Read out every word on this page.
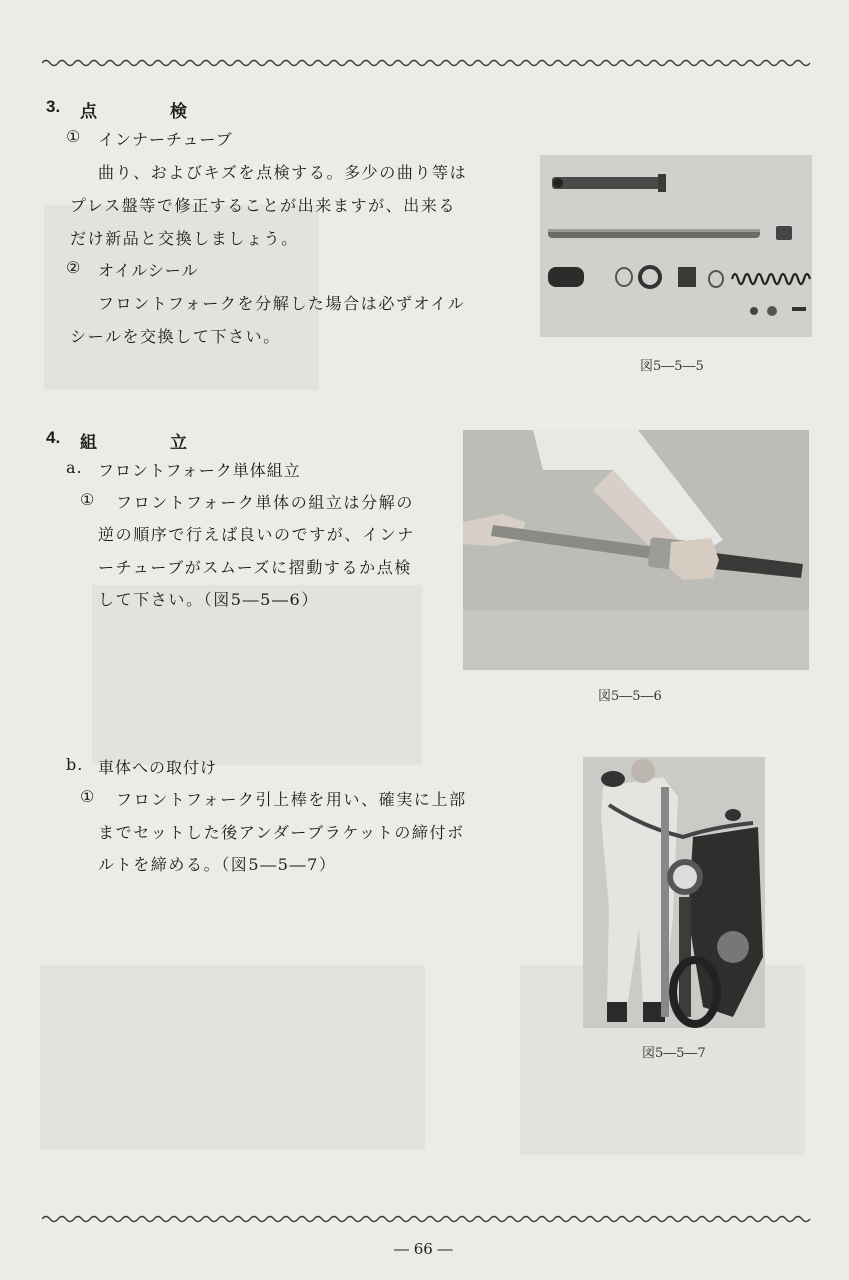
3. 点　検
① インナーチューブ
曲り、およびキズを点検する。多少の曲り等は
プレス盤等で修正することが出来ますが、出来る
だけ新品と交換しましょう。
② オイルシール
フロントフォークを分解した場合は必ずオイル
シールを交換して下さい。
図5―5―5
4. 組　立
a. フロントフォーク単体組立
① フロントフォーク単体の組立は分解の
逆の順序で行えば良いのですが、インナ
ーチューブがスムーズに摺動するか点検
して下さい。（図5―5―6）
図5―5―6
b. 車体への取付け
① フロントフォーク引上棒を用い、確実に上部
までセットした後アンダーブラケットの締付ボ
ルトを締める。（図5―5―7）
図5―5―7
― 66 ―
